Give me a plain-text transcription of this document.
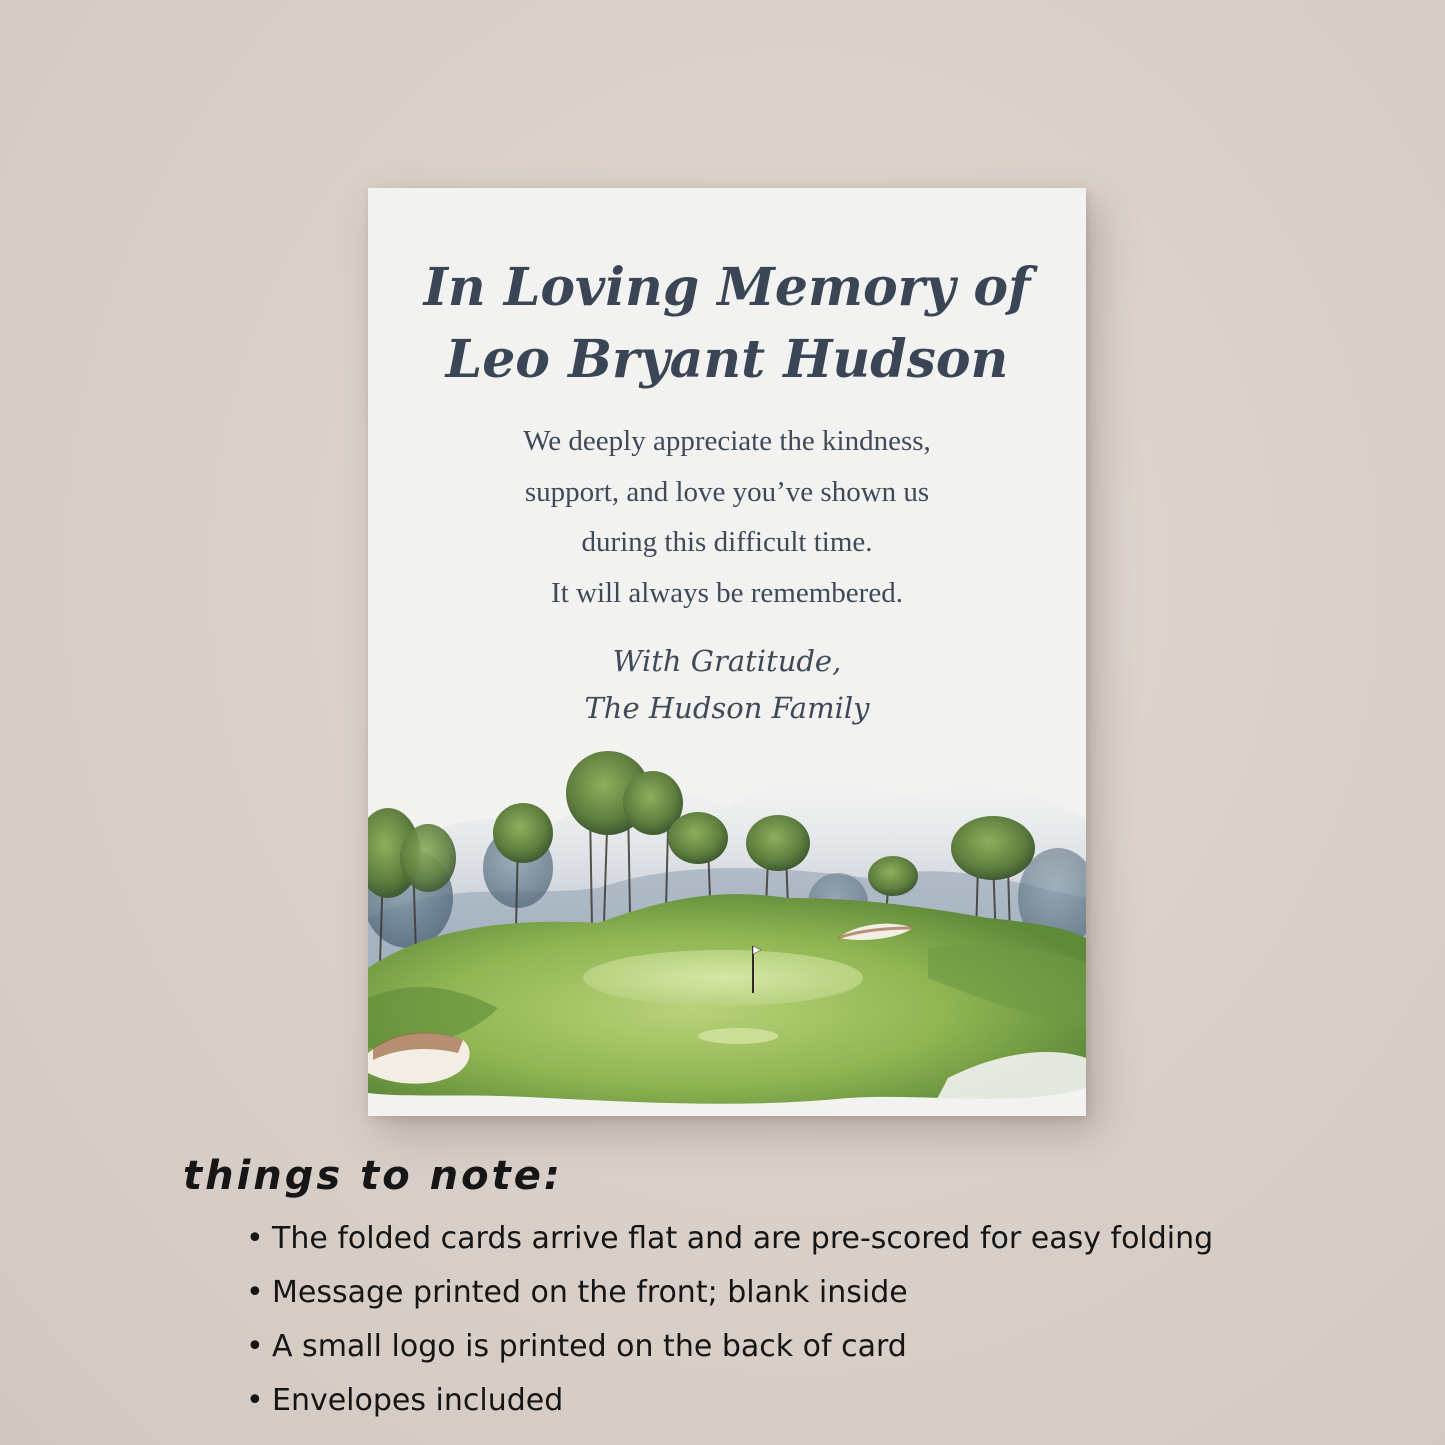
In Loving Memory of
Leo Bryant Hudson
We deeply appreciate the kindness,
support, and love you’ve shown us
during this difficult time.
It will always be remembered.
With Gratitude,
The Hudson Family
things to note:
• The folded cards arrive flat and are pre-scored for easy folding
• Message printed on the front; blank inside
• A small logo is printed on the back of card
• Envelopes included
